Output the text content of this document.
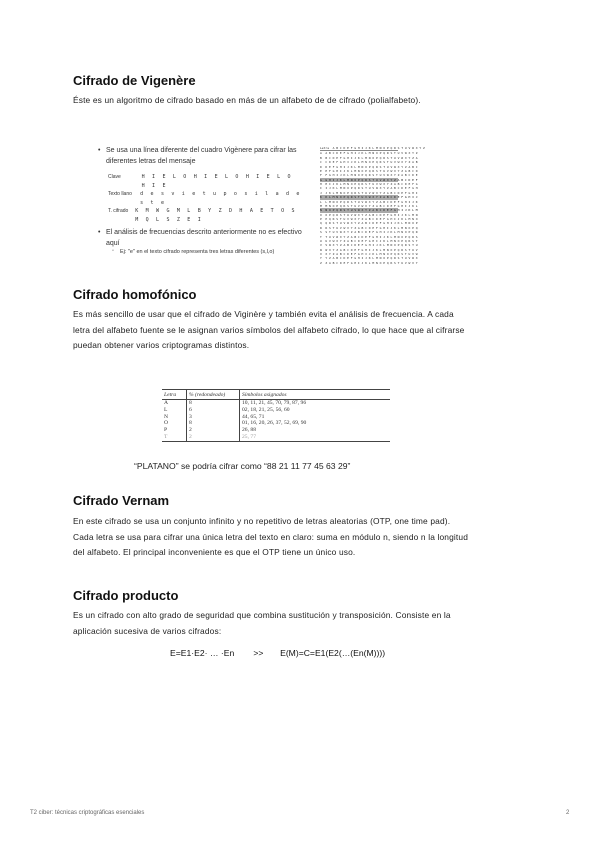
Cifrado de Vigenère

Éste es un algoritmo de cifrado basado en más de un alfabeto de de cifrado (polialfabeto).

• Se usa una línea diferente del cuadro Vigènere para cifrar las diferentes letras del mensaje
Clave	H I E L O H I E L O H I E L O H I E
Texto llano	d e s v i e t u p o s i l a d e s t e
T. cifrado	K M W G M L B Y Z D H A E T O S M Q L S Z E I
• El análisis de frecuencias descrito anteriormente no es efectivo aquí
◦ Ej: "e" en el texto cifrado representa tres letras diferentes (s,l,o)
Letra  A B C D E F G H I J K L M N O P Q R S T U V W X Y Z
A  A B C D E F G H I J K L M N O P Q R S T U V W X Y Z
B  B C D E F G H I J K L M N O P Q R S T U V W X Y Z A
C  C D E F G H I J K L M N O P Q R S T U V W X Y Z A B
D  D E F G H I J K L M N O P Q R S T U V W X Y Z A B C
E  E F G H I J K L M N O P Q R S T U V W X Y Z A B C D
F  F G H I J K L M N O P Q R S T U V W X Y Z A B C D E
G  G H I J K L M N O P Q R S T U V W X Y Z A B C D E F
H  H I J K L M N O P Q R S T U V W X Y Z A B C D E F G
I  I J K L M N O P Q R S T U V W X Y Z A B C D E F G H
J  J K L M N O P Q R S T U V W X Y Z A B C D E F G H I
K  K L M N O P Q R S T U V W X Y Z A B C D E F G H I J
L  L M N O P Q R S T U V W X Y Z A B C D E F G H I J K
M  M N O P Q R S T U V W X Y Z A B C D E F G H I J K L
N  N O P Q R S T U V W X Y Z A B C D E F G H I J K L M
O  O P Q R S T U V W X Y Z A B C D E F G H I J K L M N
P  P Q R S T U V W X Y Z A B C D E F G H I J K L M N O
Q  Q R S T U V W X Y Z A B C D E F G H I J K L M N O P
R  R S T U V W X Y Z A B C D E F G H I J K L M N O P Q
S  S T U V W X Y Z A B C D E F G H I J K L M N O P Q R
T  T U V W X Y Z A B C D E F G H I J K L M N O P Q R S
U  U V W X Y Z A B C D E F G H I J K L M N O P Q R S T
V  V W X Y Z A B C D E F G H I J K L M N O P Q R S T U
W  W X Y Z A B C D E F G H I J K L M N O P Q R S T U V
X  X Y Z A B C D E F G H I J K L M N O P Q R S T U V W
Y  Y Z A B C D E F G H I J K L M N O P Q R S T U V W X
Z  Z A B C D E F G H I J K L M N O P Q R S T U V W X Y
Cifrado homofónico

Es más sencillo de usar que el cifrado de Viginère y también evita el análisis de frecuencia. A cada letra del alfabeto fuente se le asignan varios símbolos del alfabeto cifrado, lo que hace que al cifrarse puedan obtener varios criptogramas distintos.

Letra	% (redondeado)	Símbolos asignados
A	8	10, 11, 21, 45, 70, 79, 87, 96
L	6	02, 18, 21, 25, 56, 60
N	3	44, 65, 71
O	8	01, 16, 20, 26, 37, 52, 69, 90
P	2	26, 88
T	2	25, 77

“PLATANO” se podría cifrar como “88 21 11 77 45 63 29”

Cifrado Vernam

En este cifrado se usa un conjunto infinito y no repetitivo de letras aleatorias (OTP, one time pad). Cada letra se usa para cifrar una única letra del texto en claro: suma en módulo n, siendo n la longitud del alfabeto. El principal inconveniente es que el OTP tiene un único uso.

Cifrado producto

Es un cifrado con alto grado de seguridad que combina sustitución y transposición. Consiste en la aplicación sucesiva de varios cifrados:

E=E1·E2· … ·En        >>       E(M)=C=E1(E2(…(En(M))))

T2 ciber: técnicas criptográficas esenciales	2
